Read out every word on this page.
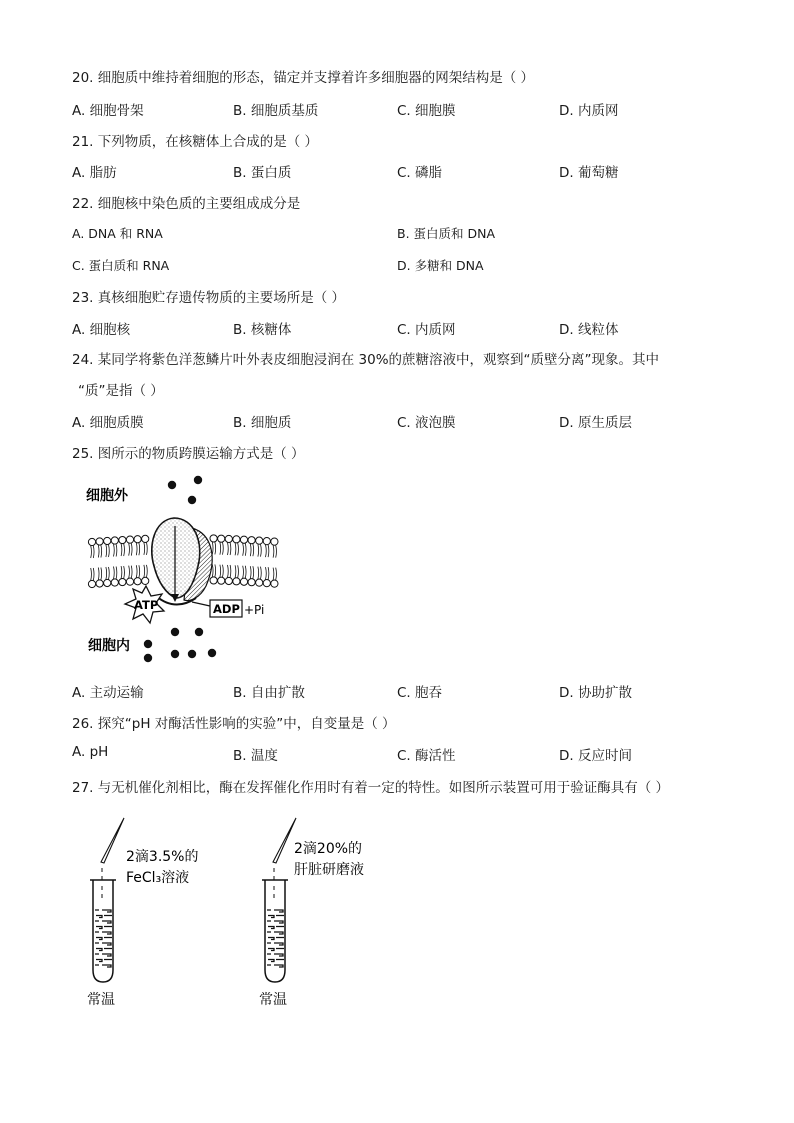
20. 细胞质中维持着细胞的形态，锚定并支撑着许多细胞器的网架结构是（ ）
A. 细胞骨架	B. 细胞质基质	C. 细胞膜	D. 内质网
21. 下列物质，在核糖体上合成的是（ ）
A. 脂肪	B. 蛋白质	C. 磷脂	D. 葡萄糖
22. 细胞核中染色质的主要组成成分是
A. DNA 和 RNA	B. 蛋白质和 DNA
C. 蛋白质和 RNA	D. 多糖和 DNA
23. 真核细胞贮存遗传物质的主要场所是（ ）
A. 细胞核	B. 核糖体	C. 内质网	D. 线粒体
24. 某同学将紫色洋葱鳞片叶外表皮细胞浸润在 30%的蔗糖溶液中，观察到“质壁分离”现象。其中
“质”是指（ ）
A. 细胞质膜	B. 细胞质	C. 液泡膜	D. 原生质层
25. 图所示的物质跨膜运输方式是（ ）
细胞外
细胞内
ATP	ADP +Pi
A. 主动运输	B. 自由扩散	C. 胞吞	D. 协助扩散
26. 探究“pH 对酶活性影响的实验”中，自变量是（ ）
A. pH	B. 温度	C. 酶活性	D. 反应时间
27. 与无机催化剂相比，酶在发挥催化作用时有着一定的特性。如图所示装置可用于验证酶具有（ ）
2滴3.5%的
FeCl₃溶液
常温
2滴20%的
肝脏研磨液
常温
